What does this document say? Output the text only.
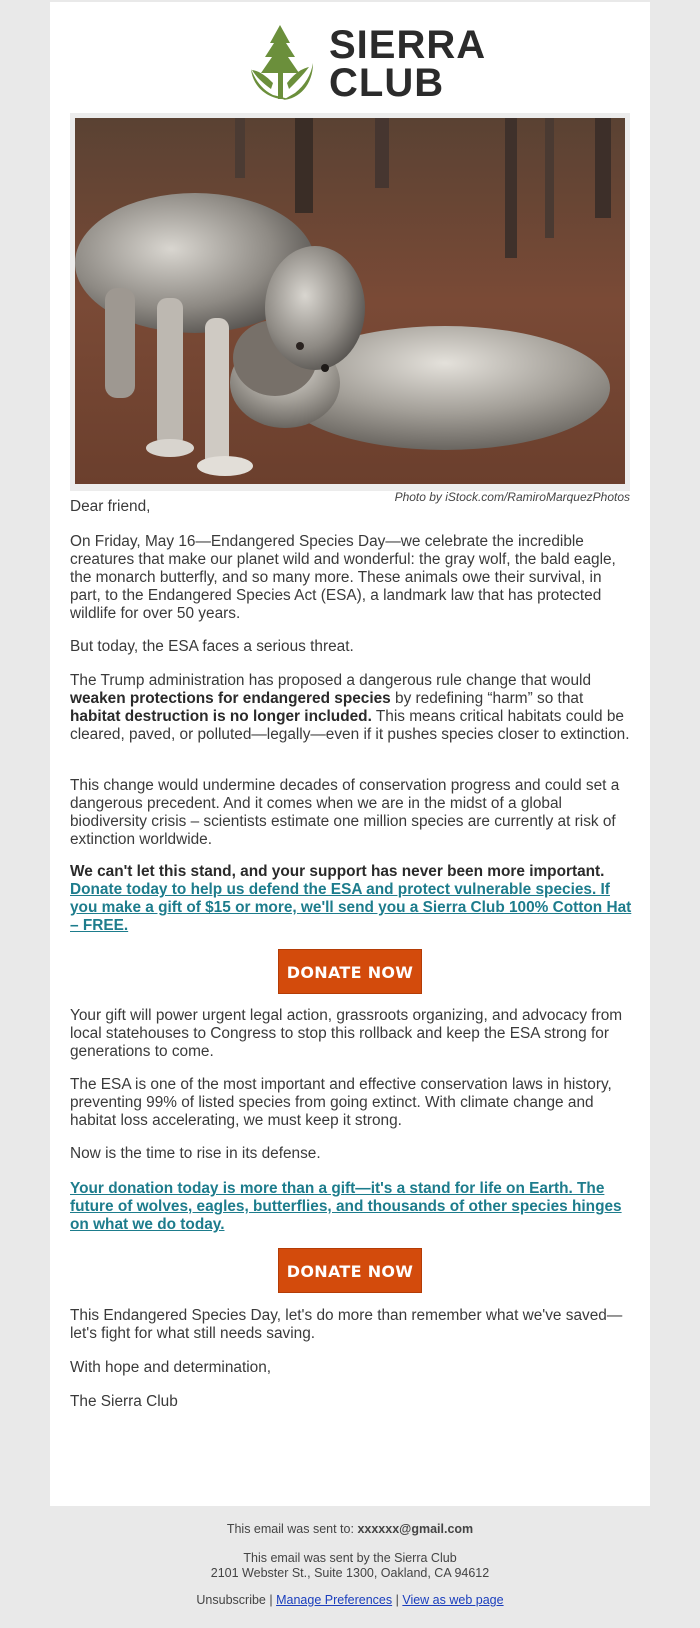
SIERRA
CLUB
Photo by iStock.com/RamiroMarquezPhotos

Dear friend,

On Friday, May 16—Endangered Species Day—we celebrate the incredible creatures that make our planet wild and wonderful: the gray wolf, the bald eagle, the monarch butterfly, and so many more. These animals owe their survival, in part, to the Endangered Species Act (ESA), a landmark law that has protected wildlife for over 50 years.

But today, the ESA faces a serious threat.

The Trump administration has proposed a dangerous rule change that would weaken protections for endangered species by redefining “harm” so that habitat destruction is no longer included. This means critical habitats could be cleared, paved, or polluted—legally—even if it pushes species closer to extinction.

This change would undermine decades of conservation progress and could set a dangerous precedent. And it comes when we are in the midst of a global biodiversity crisis – scientists estimate one million species are currently at risk of extinction worldwide.

We can't let this stand, and your support has never been more important.
Donate today to help us defend the ESA and protect vulnerable species. If you make a gift of $15 or more, we'll send you a Sierra Club 100% Cotton Hat – FREE.

DONATE NOW

Your gift will power urgent legal action, grassroots organizing, and advocacy from local statehouses to Congress to stop this rollback and keep the ESA strong for generations to come.

The ESA is one of the most important and effective conservation laws in history, preventing 99% of listed species from going extinct. With climate change and habitat loss accelerating, we must keep it strong.

Now is the time to rise in its defense.

Your donation today is more than a gift—it's a stand for life on Earth. The future of wolves, eagles, butterflies, and thousands of other species hinges on what we do today.

DONATE NOW

This Endangered Species Day, let's do more than remember what we've saved—let's fight for what still needs saving.

With hope and determination,

The Sierra Club

This email was sent to: xxxxxx@gmail.com
This email was sent by the Sierra Club
2101 Webster St., Suite 1300, Oakland, CA 94612
Unsubscribe | Manage Preferences | View as web page
